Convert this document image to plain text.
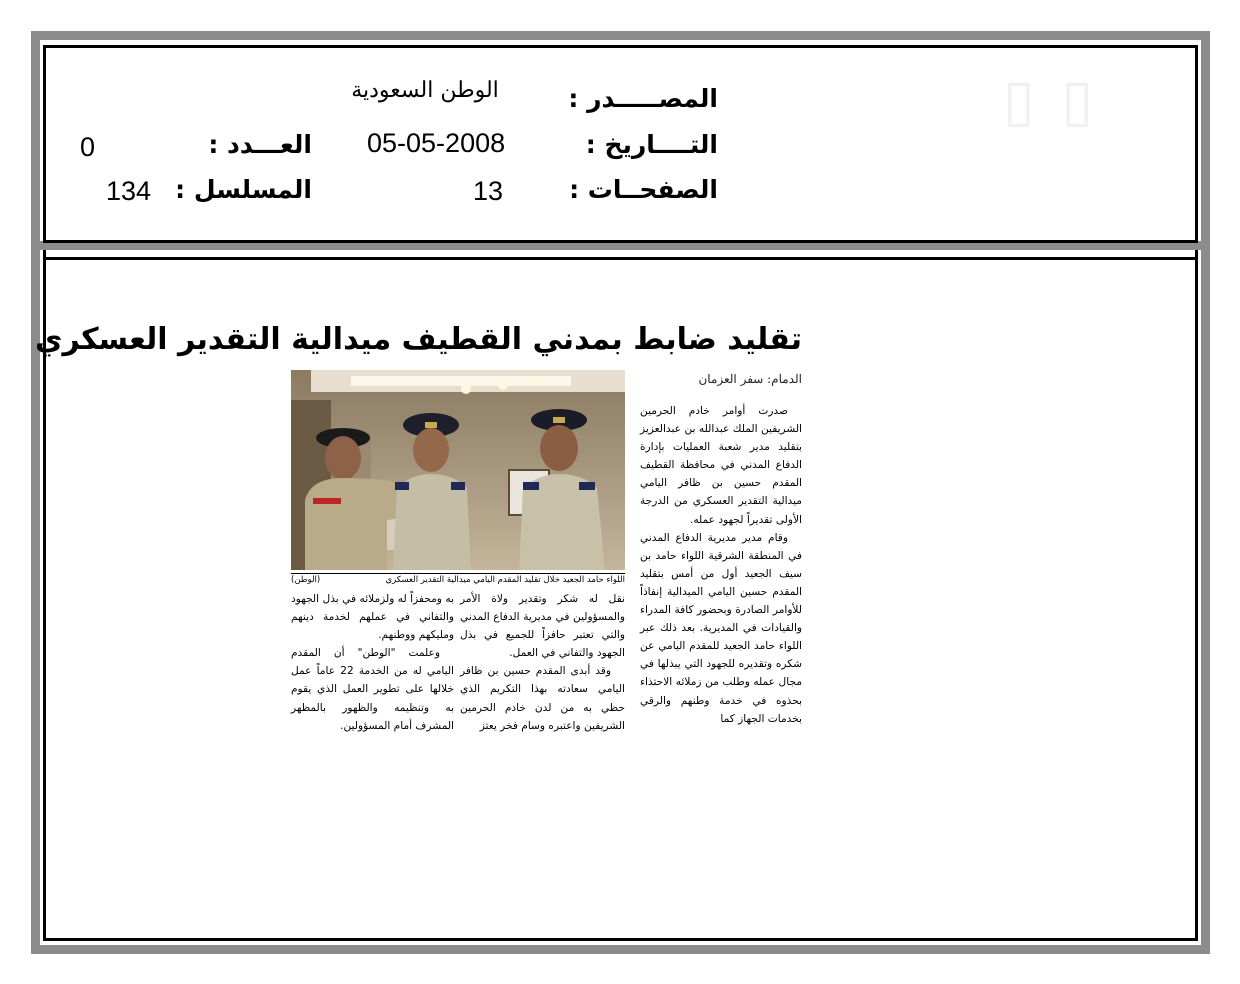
▯ ▯
المصـــــدر :
الوطن السعودية
التــــاريخ :
05-05-2008
الصفحــات :
13
العـــدد :
0
المسلسل :
134
تقليد ضابط بمدني القطيف ميدالية التقدير العسكري
الدمام: سفر العزمان
اللواء حامد الجعيد خلال تقليد المقدم اليامي ميدالية التقدير العسكري
(الوطن)

صدرت أوامر خادم الحرمين الشريفين الملك عبدالله بن عبدالعزيز بتقليد مدير شعبة العمليات بإدارة الدفاع المدني في محافظة القطيف المقدم حسين بن ظافر اليامي ميدالية التقدير العسكري من الدرجة الأولى تقديراً لجهود عمله.

وقام مدير مديرية الدفاع المدني في المنطقة الشرقية اللواء حامد بن سيف الجعيد أول من أمس بتقليد المقدم حسين اليامي الميدالية إنفاذاً للأوامر الصادرة وبحضور كافة المدراء والقيادات في المديرية. بعد ذلك عبر اللواء حامد الجعيد للمقدم اليامي عن شكره وتقديره للجهود التي يبذلها في مجال عمله وطلب من زملائه الاحتذاء بحذوه في خدمة وطنهم والرقي بخدمات الجهاز كما

نقل له شكر وتقدير ولاة الأمر والمسؤولين في مديرية الدفاع المدني والتي تعتبر حافزاً للجميع في بذل الجهود والتفاني في العمل.

وقد أبدى المقدم حسين بن ظافر اليامي سعادته بهذا التكريم الذي حظي به من لدن خادم الحرمين الشريفين واعتبره وسام فخر يعتز

به ومحفزاً له ولزملائه في بذل الجهود والتفاني في عملهم لخدمة دينهم ومليكهم ووطنهم.

وعلمت "الوطن" أن المقدم اليامي له من الخدمة 22 عاماً عمل خلالها على تطوير العمل الذي يقوم به وتنظيمه والظهور بالمظهر المشرف أمام المسؤولين.
